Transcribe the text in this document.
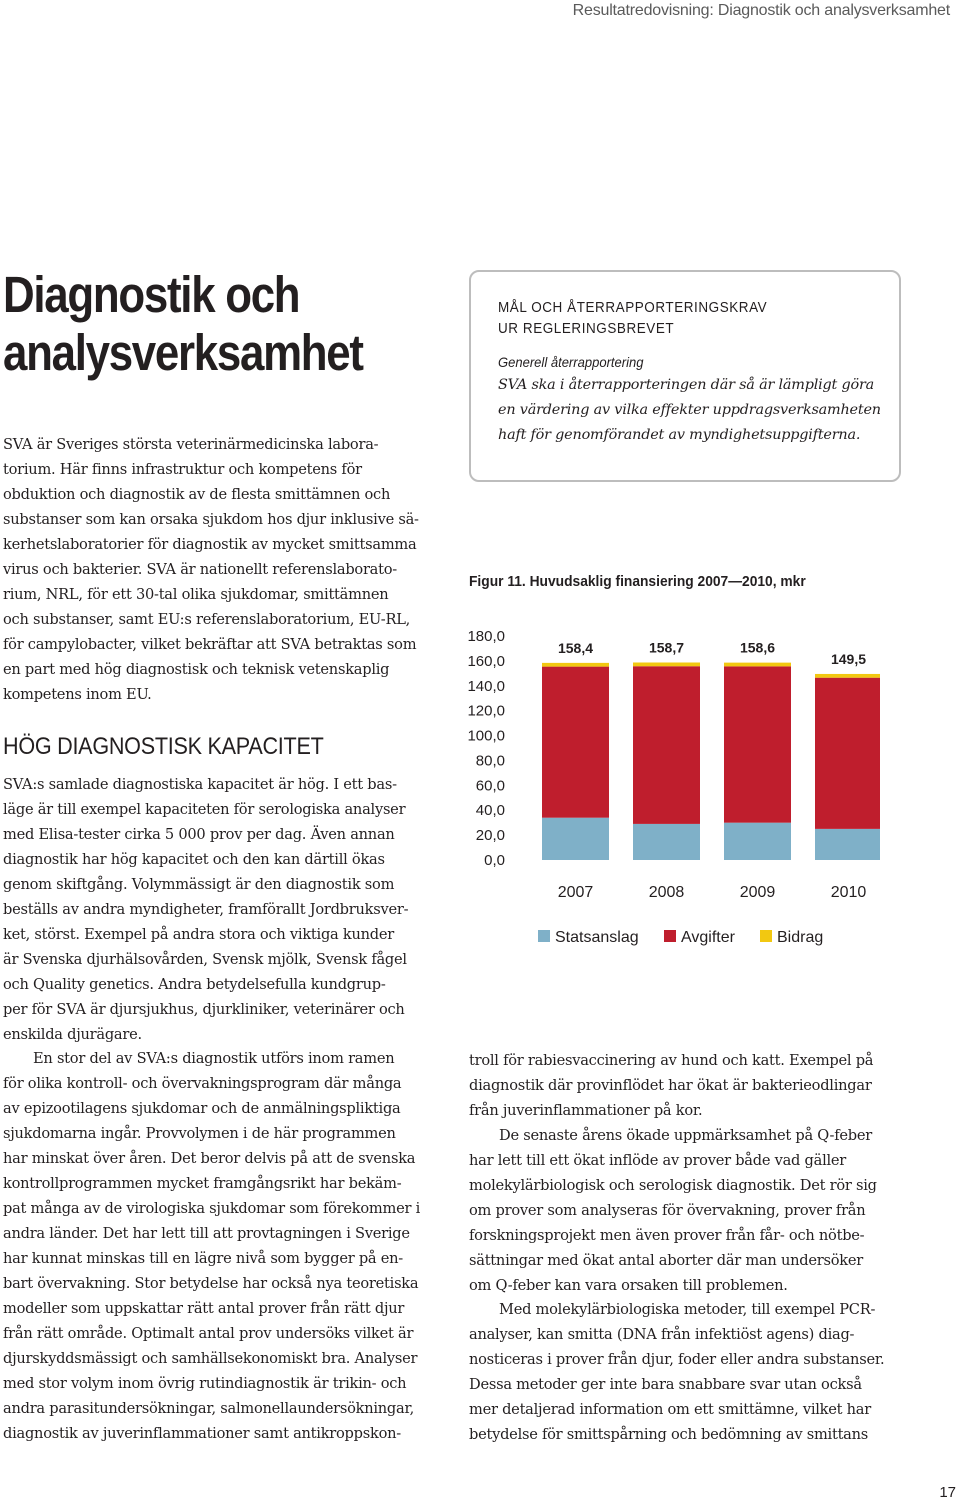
Resultatredovisning: Diagnostik och analysverksamhet
Diagnostik och
analysverksamhet

SVA är Sveriges största veterinärmedicinska labora-
torium. Här finns infrastruktur och kompetens för
obduktion och diagnostik av de flesta smittämnen och
substanser som kan orsaka sjukdom hos djur inklusive sä-
kerhetslaboratorier för diagnostik av mycket smittsamma
virus och bakterier. SVA är nationellt referenslaborato-
rium, NRL, för ett 30-tal olika sjukdomar, smittämnen
och substanser, samt EU:s referenslaboratorium, EU-RL,
för campylobacter, vilket bekräftar att SVA betraktas som
en part med hög diagnostisk och teknisk vetenskaplig
kompetens inom EU.

HÖG DIAGNOSTISK KAPACITET

SVA:s samlade diagnostiska kapacitet är hög. I ett bas-
läge är till exempel kapaciteten för serologiska analyser
med Elisa-tester cirka 5 000 prov per dag. Även annan
diagnostik har hög kapacitet och den kan därtill ökas
genom skiftgång. Volymmässigt är den diagnostik som
beställs av andra myndigheter, framförallt Jordbruksver-
ket, störst. Exempel på andra stora och viktiga kunder
är Svenska djurhälsovården, Svensk mjölk, Svensk fågel
och Quality genetics. Andra betydelsefulla kundgrup-
per för SVA är djursjukhus, djurkliniker, veterinärer och
enskilda djurägare.

En stor del av SVA:s diagnostik utförs inom ramen
för olika kontroll- och övervakningsprogram där många
av epizootilagens sjukdomar och de anmälningspliktiga
sjukdomarna ingår. Provvolymen i de här programmen
har minskat över åren. Det beror delvis på att de svenska
kontrollprogrammen mycket framgångsrikt har bekäm-
pat många av de virologiska sjukdomar som förekommer i
andra länder. Det har lett till att provtagningen i Sverige
har kunnat minskas till en lägre nivå som bygger på en-
bart övervakning. Stor betydelse har också nya teoretiska
modeller som uppskattar rätt antal prover från rätt djur
från rätt område. Optimalt antal prov undersöks vilket är
djurskyddsmässigt och samhällsekonomiskt bra. Analyser
med stor volym inom övrig rutindiagnostik är trikin- och
andra parasitundersökningar, salmonellaundersökningar,
diagnostik av juverinflammationer samt antikroppskon-

MÅL OCH ÅTERRAPPORTERINGSKRAV
UR REGLERINGSBREVET
Generell återrapportering
SVA ska i återrapporteringen där så är lämpligt göra
en värdering av vilka effekter uppdragsverksamheten
haft för genomförandet av myndighetsuppgifterna.
Figur 11. Huvudsaklig finansiering 2007—2010, mkr
180,0
160,0
140,0
120,0
100,0
80,0
60,0
40,0
20,0
0,0
158,4	158,7	158,6
149,5
2007	2008	2009	2010
Statsanslag	Avgifter	Bidrag

troll för rabiesvaccinering av hund och katt. Exempel på
diagnostik där provinflödet har ökat är bakterieodlingar
från juverinflammationer på kor.

De senaste årens ökade uppmärksamhet på Q-feber
har lett till ett ökat inflöde av prover både vad gäller
molekylärbiologisk och serologisk diagnostik. Det rör sig
om prover som analyseras för övervakning, prover från
forskningsprojekt men även prover från får- och nötbe-
sättningar med ökat antal aborter där man undersöker
om Q-feber kan vara orsaken till problemen.

Med molekylärbiologiska metoder, till exempel PCR-
analyser, kan smitta (DNA från infektiöst agens) diag-
nosticeras i prover från djur, foder eller andra substanser.
Dessa metoder ger inte bara snabbare svar utan också
mer detaljerad information om ett smittämne, vilket har
betydelse för smittspårning och bedömning av smittans

17
